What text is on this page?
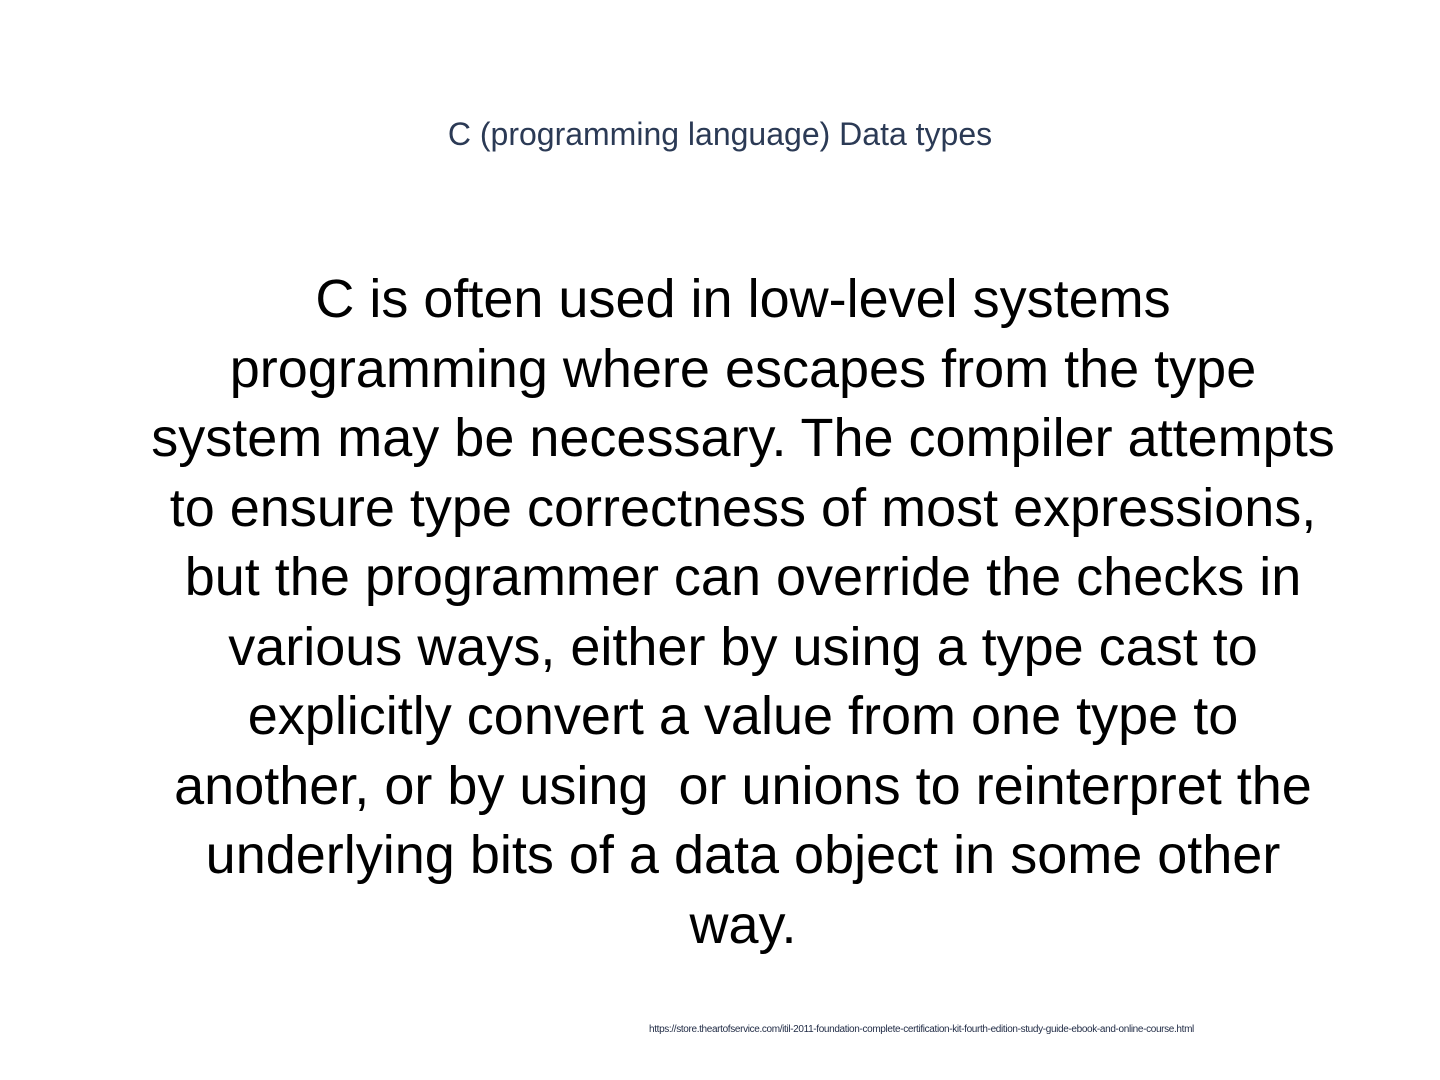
C (programming language) Data types
C is often used in low-level systems programming where escapes from the type system may be necessary. The compiler attempts to ensure type correctness of most expressions, but the programmer can override the checks in various ways, either by using a type cast to explicitly convert a value from one type to another, or by using  or unions to reinterpret the underlying bits of a data object in some other way.
https://store.theartofservice.com/itil-2011-foundation-complete-certification-kit-fourth-edition-study-guide-ebook-and-online-course.html
